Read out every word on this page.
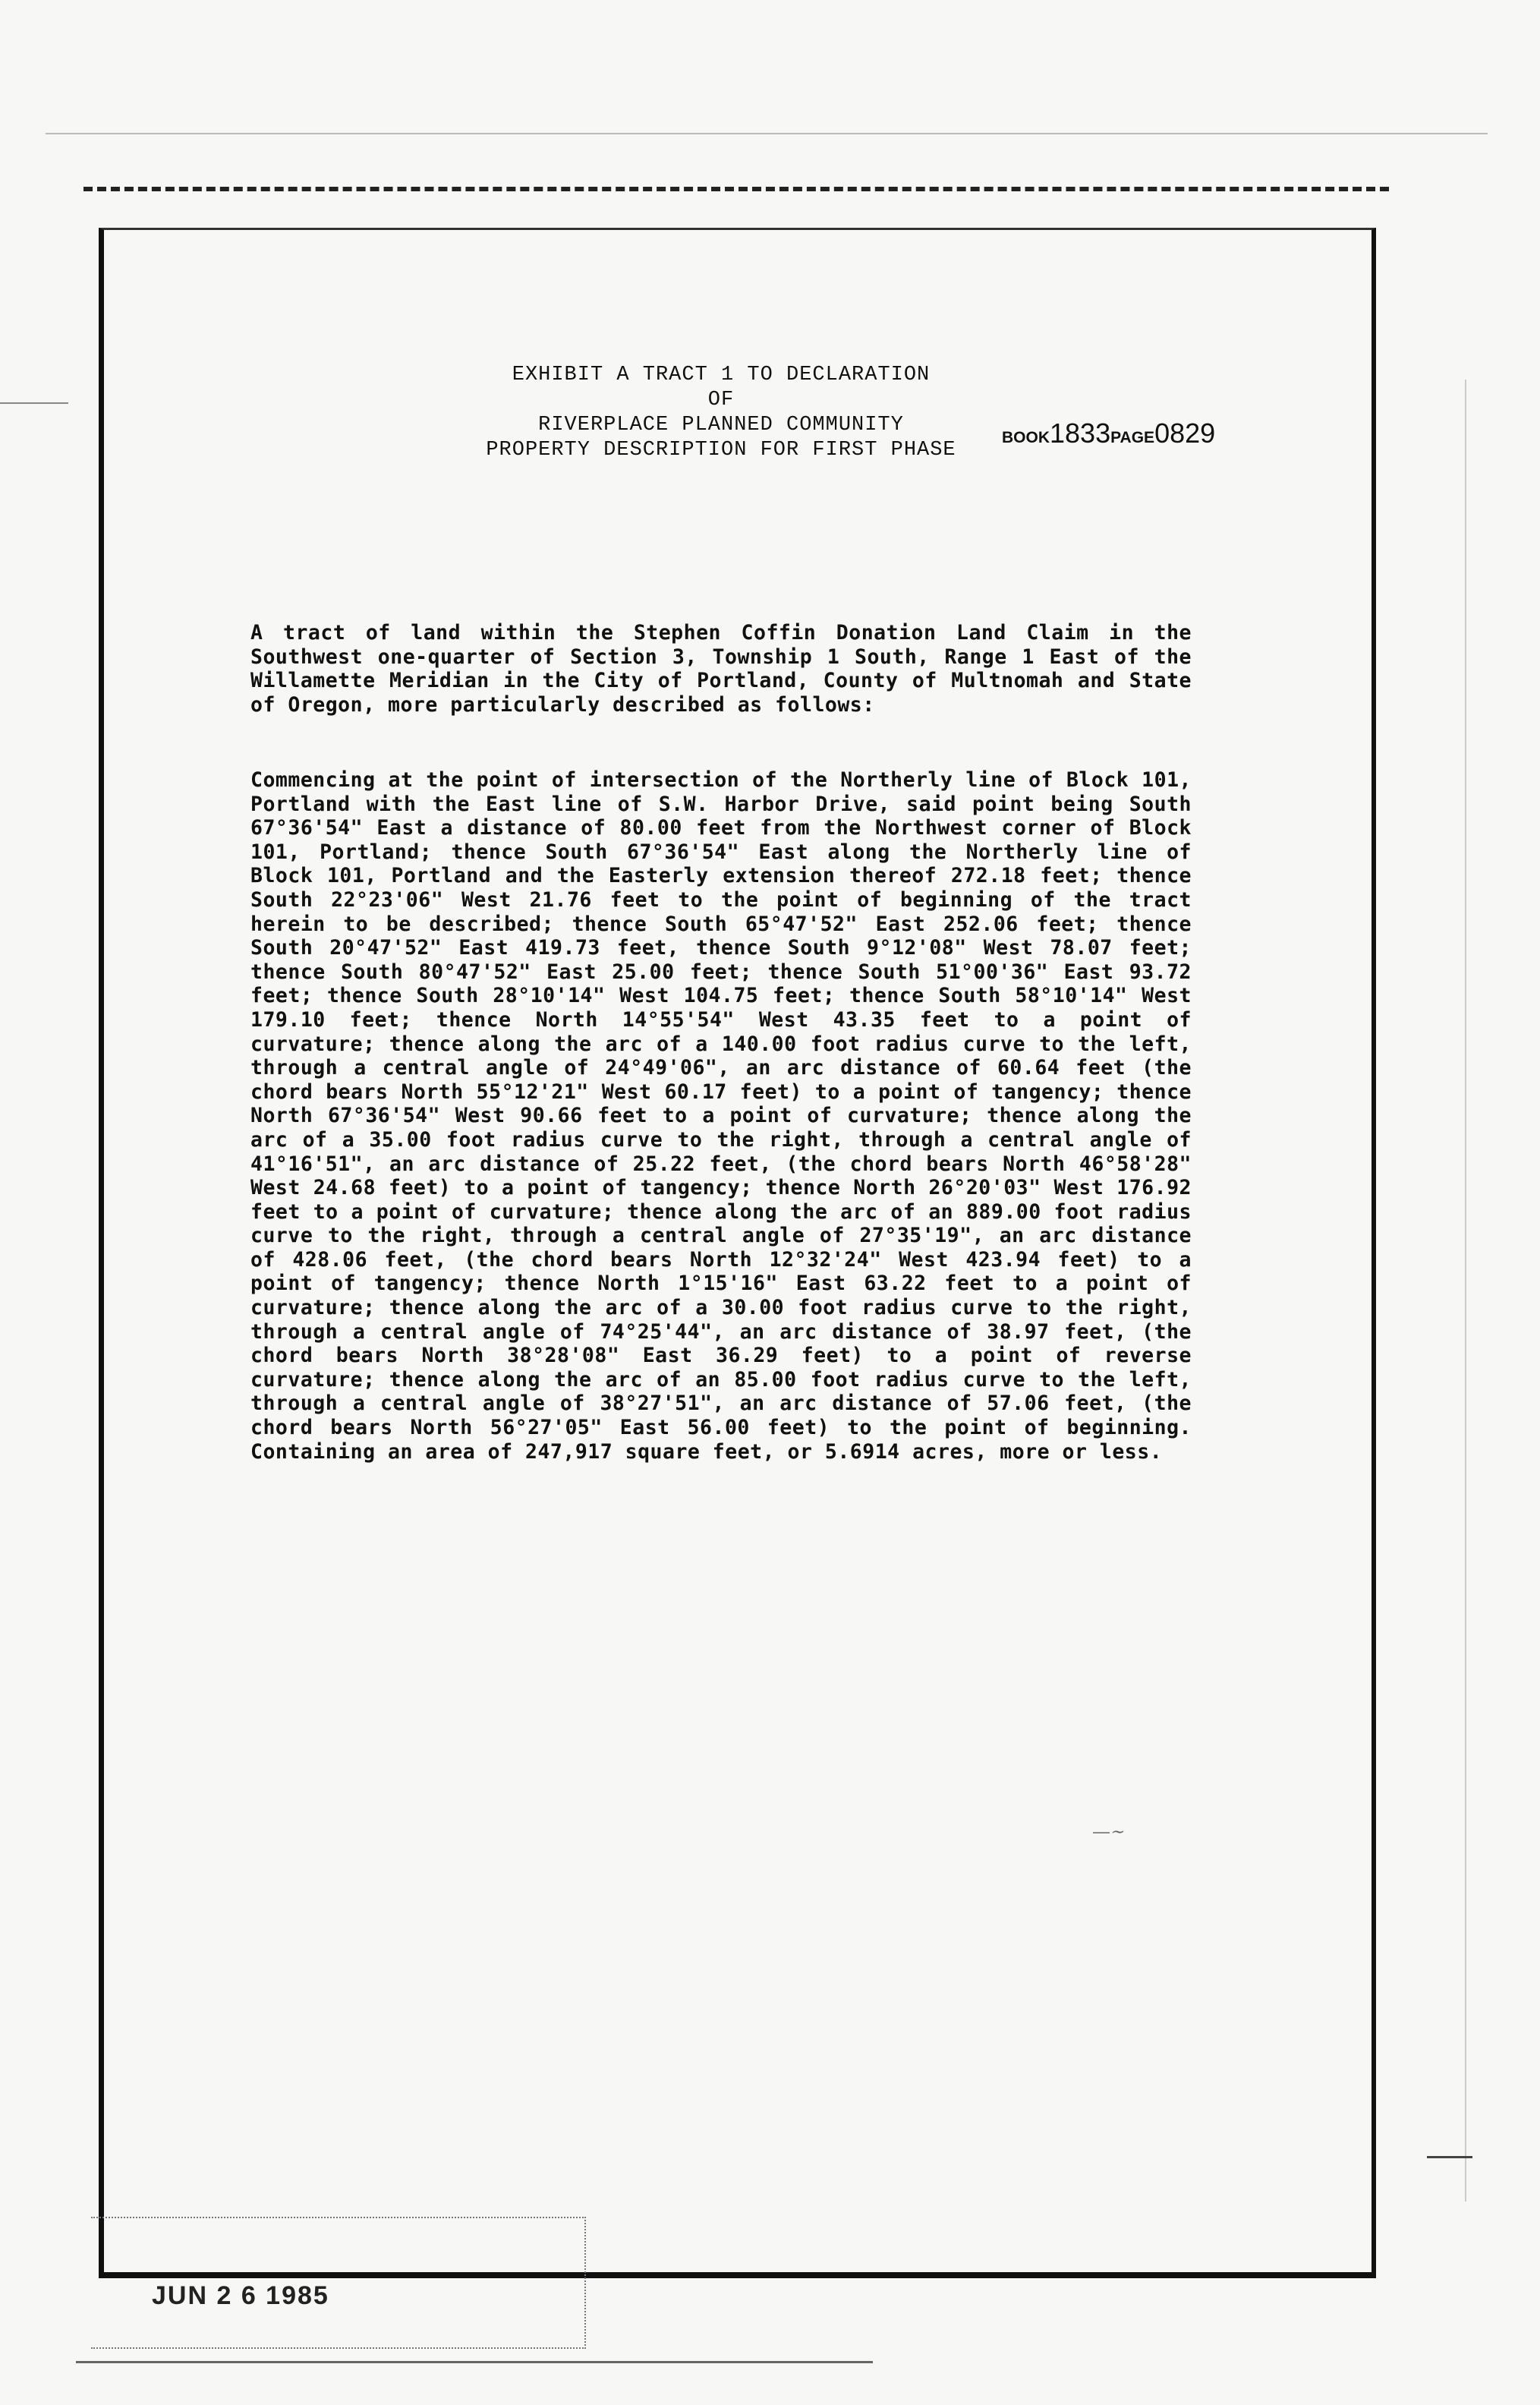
EXHIBIT A TRACT 1 TO DECLARATION
OF
RIVERPLACE PLANNED COMMUNITY
PROPERTY DESCRIPTION FOR FIRST PHASE
BOOK1833PAGE0829
A tract of land within the Stephen Coffin Donation Land Claim in the Southwest one-quarter of Section 3, Township 1 South, Range 1 East of the Willamette Meridian in the City of Portland, County of Multnomah and State of Oregon, more particularly described as follows:
Commencing at the point of intersection of the Northerly line of Block 101, Portland with the East line of S.W. Harbor Drive, said point being South 67°36'54" East a distance of 80.00 feet from the Northwest corner of Block 101, Portland; thence South 67°36'54" East along the Northerly line of Block 101, Portland and the Easterly extension thereof 272.18 feet; thence South 22°23'06" West 21.76 feet to the point of beginning of the tract herein to be described; thence South 65°47'52" East 252.06 feet; thence South 20°47'52" East 419.73 feet, thence South 9°12'08" West 78.07 feet; thence South 80°47'52" East 25.00 feet; thence South 51°00'36" East 93.72 feet; thence South 28°10'14" West 104.75 feet; thence South 58°10'14" West 179.10 feet; thence North 14°55'54" West 43.35 feet to a point of curvature; thence along the arc of a 140.00 foot radius curve to the left, through a central angle of 24°49'06", an arc distance of 60.64 feet (the chord bears North 55°12'21" West 60.17 feet) to a point of tangency; thence North 67°36'54" West 90.66 feet to a point of curvature; thence along the arc of a 35.00 foot radius curve to the right, through a central angle of 41°16'51", an arc distance of 25.22 feet, (the chord bears North 46°58'28" West 24.68 feet) to a point of tangency; thence North 26°20'03" West 176.92 feet to a point of curvature; thence along the arc of an 889.00 foot radius curve to the right, through a central angle of 27°35'19", an arc distance of 428.06 feet, (the chord bears North 12°32'24" West 423.94 feet) to a point of tangency; thence North 1°15'16" East 63.22 feet to a point of curvature; thence along the arc of a 30.00 foot radius curve to the right, through a central angle of 74°25'44", an arc distance of 38.97 feet, (the chord bears North 38°28'08" East 36.29 feet) to a point of reverse curvature; thence along the arc of an 85.00 foot radius curve to the left, through a central angle of 38°27'51", an arc distance of 57.06 feet, (the chord bears North 56°27'05" East 56.00 feet) to the point of beginning. Containing an area of 247,917 square feet, or 5.6914 acres, more or less.
—∼
JUN 2 6 1985
